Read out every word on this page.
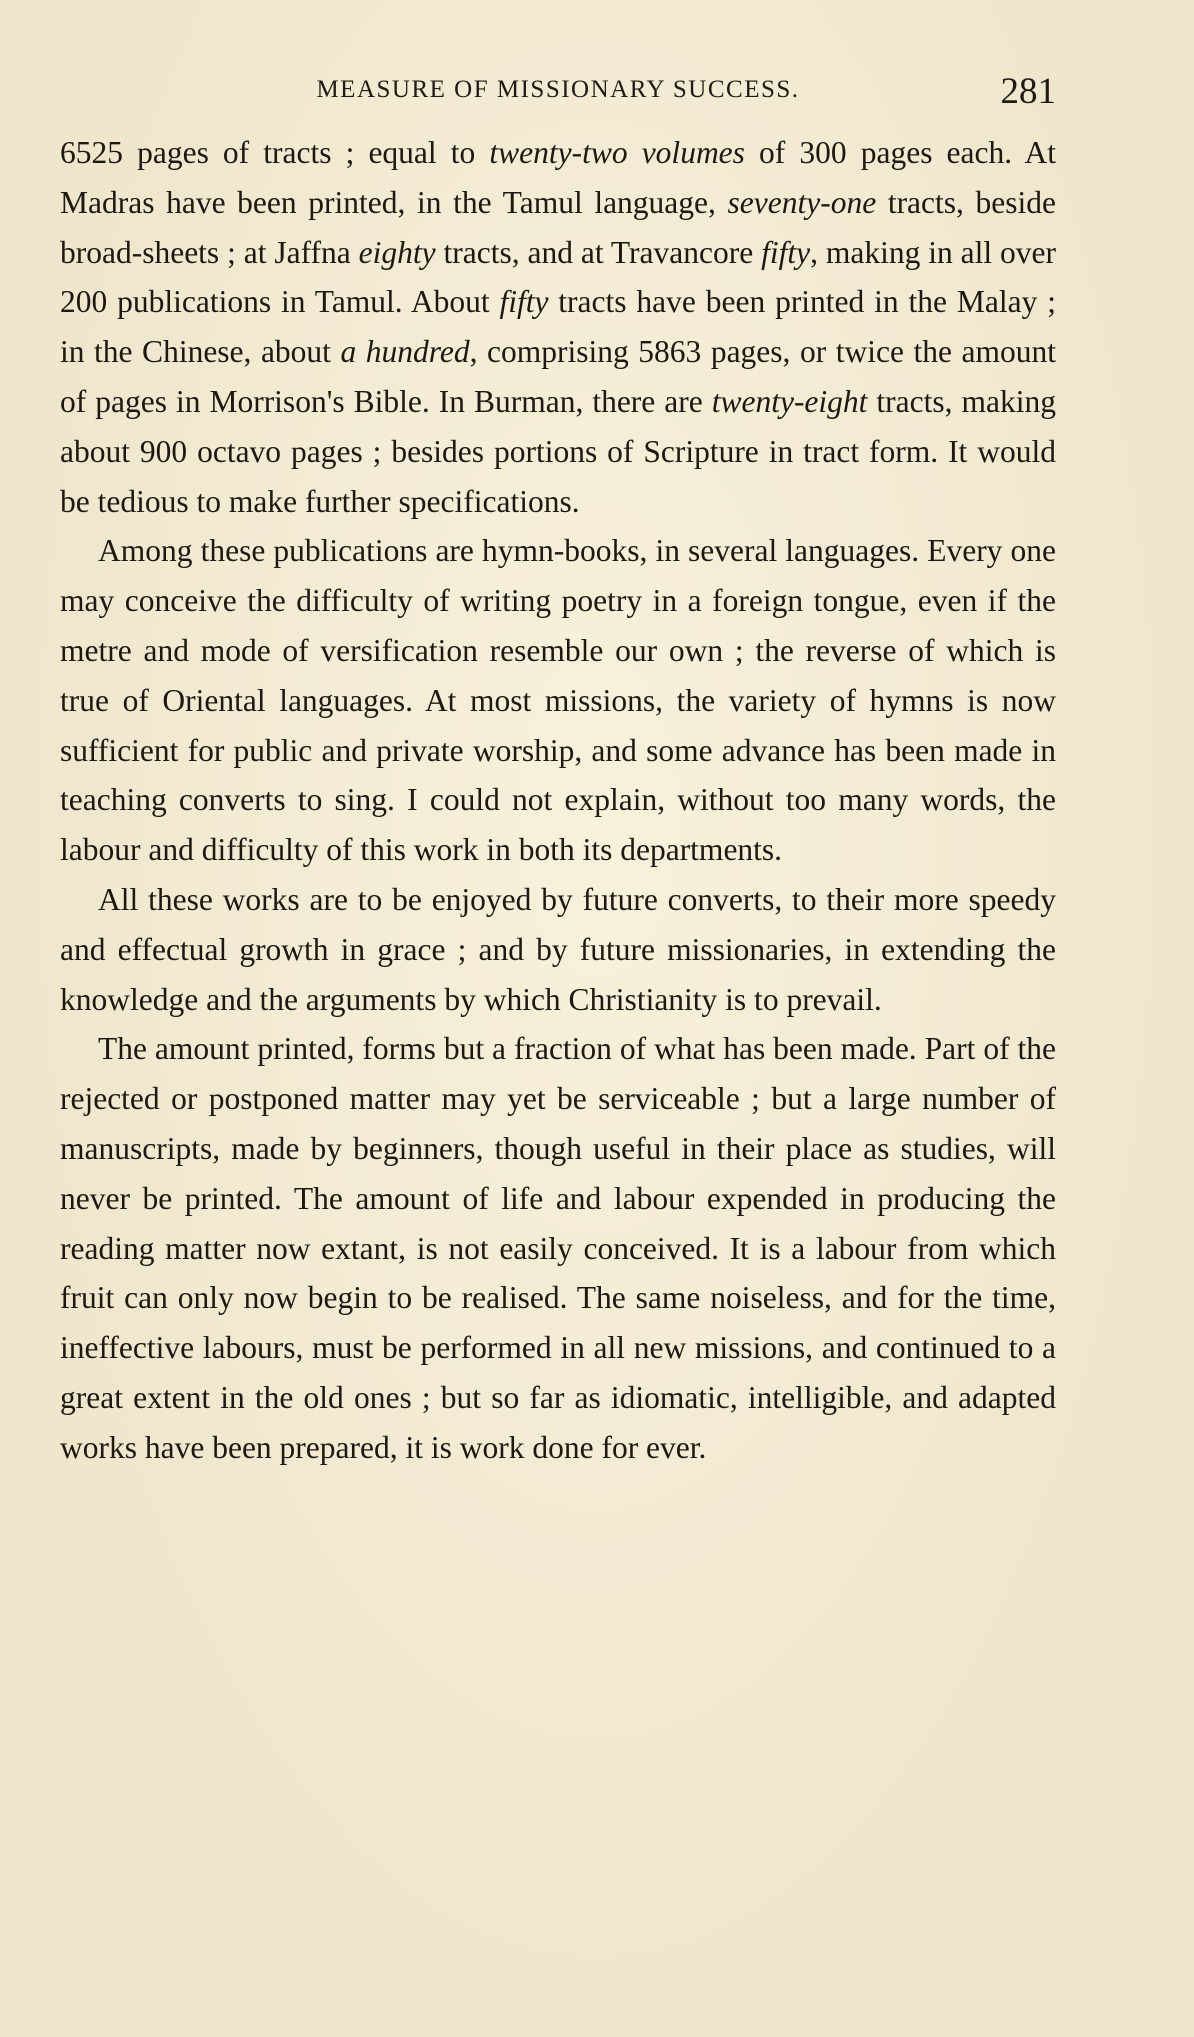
MEASURE OF MISSIONARY SUCCESS.	281

6525 pages of tracts ; equal to twenty-two volumes of 300 pages each. At Madras have been printed, in the Tamul language, seventy-one tracts, beside broad-sheets ; at Jaffna eighty tracts, and at Travancore fifty, making in all over 200 publications in Tamul. About fifty tracts have been printed in the Malay ; in the Chinese, about a hundred, comprising 5863 pages, or twice the amount of pages in Morrison's Bible. In Burman, there are twenty-eight tracts, making about 900 octavo pages ; besides portions of Scripture in tract form. It would be tedious to make further specifications.

Among these publications are hymn-books, in several languages. Every one may conceive the difficulty of writing poetry in a foreign tongue, even if the metre and mode of versification resemble our own ; the reverse of which is true of Oriental languages. At most missions, the variety of hymns is now sufficient for public and private worship, and some advance has been made in teaching converts to sing. I could not explain, without too many words, the labour and difficulty of this work in both its departments.

All these works are to be enjoyed by future converts, to their more speedy and effectual growth in grace ; and by future missionaries, in extending the knowledge and the arguments by which Christianity is to prevail.

The amount printed, forms but a fraction of what has been made. Part of the rejected or postponed matter may yet be serviceable ; but a large number of manuscripts, made by beginners, though useful in their place as studies, will never be printed. The amount of life and labour expended in producing the reading matter now extant, is not easily conceived. It is a labour from which fruit can only now begin to be realised. The same noiseless, and for the time, ineffective labours, must be performed in all new missions, and continued to a great extent in the old ones ; but so far as idiomatic, intelligible, and adapted works have been prepared, it is work done for ever.
